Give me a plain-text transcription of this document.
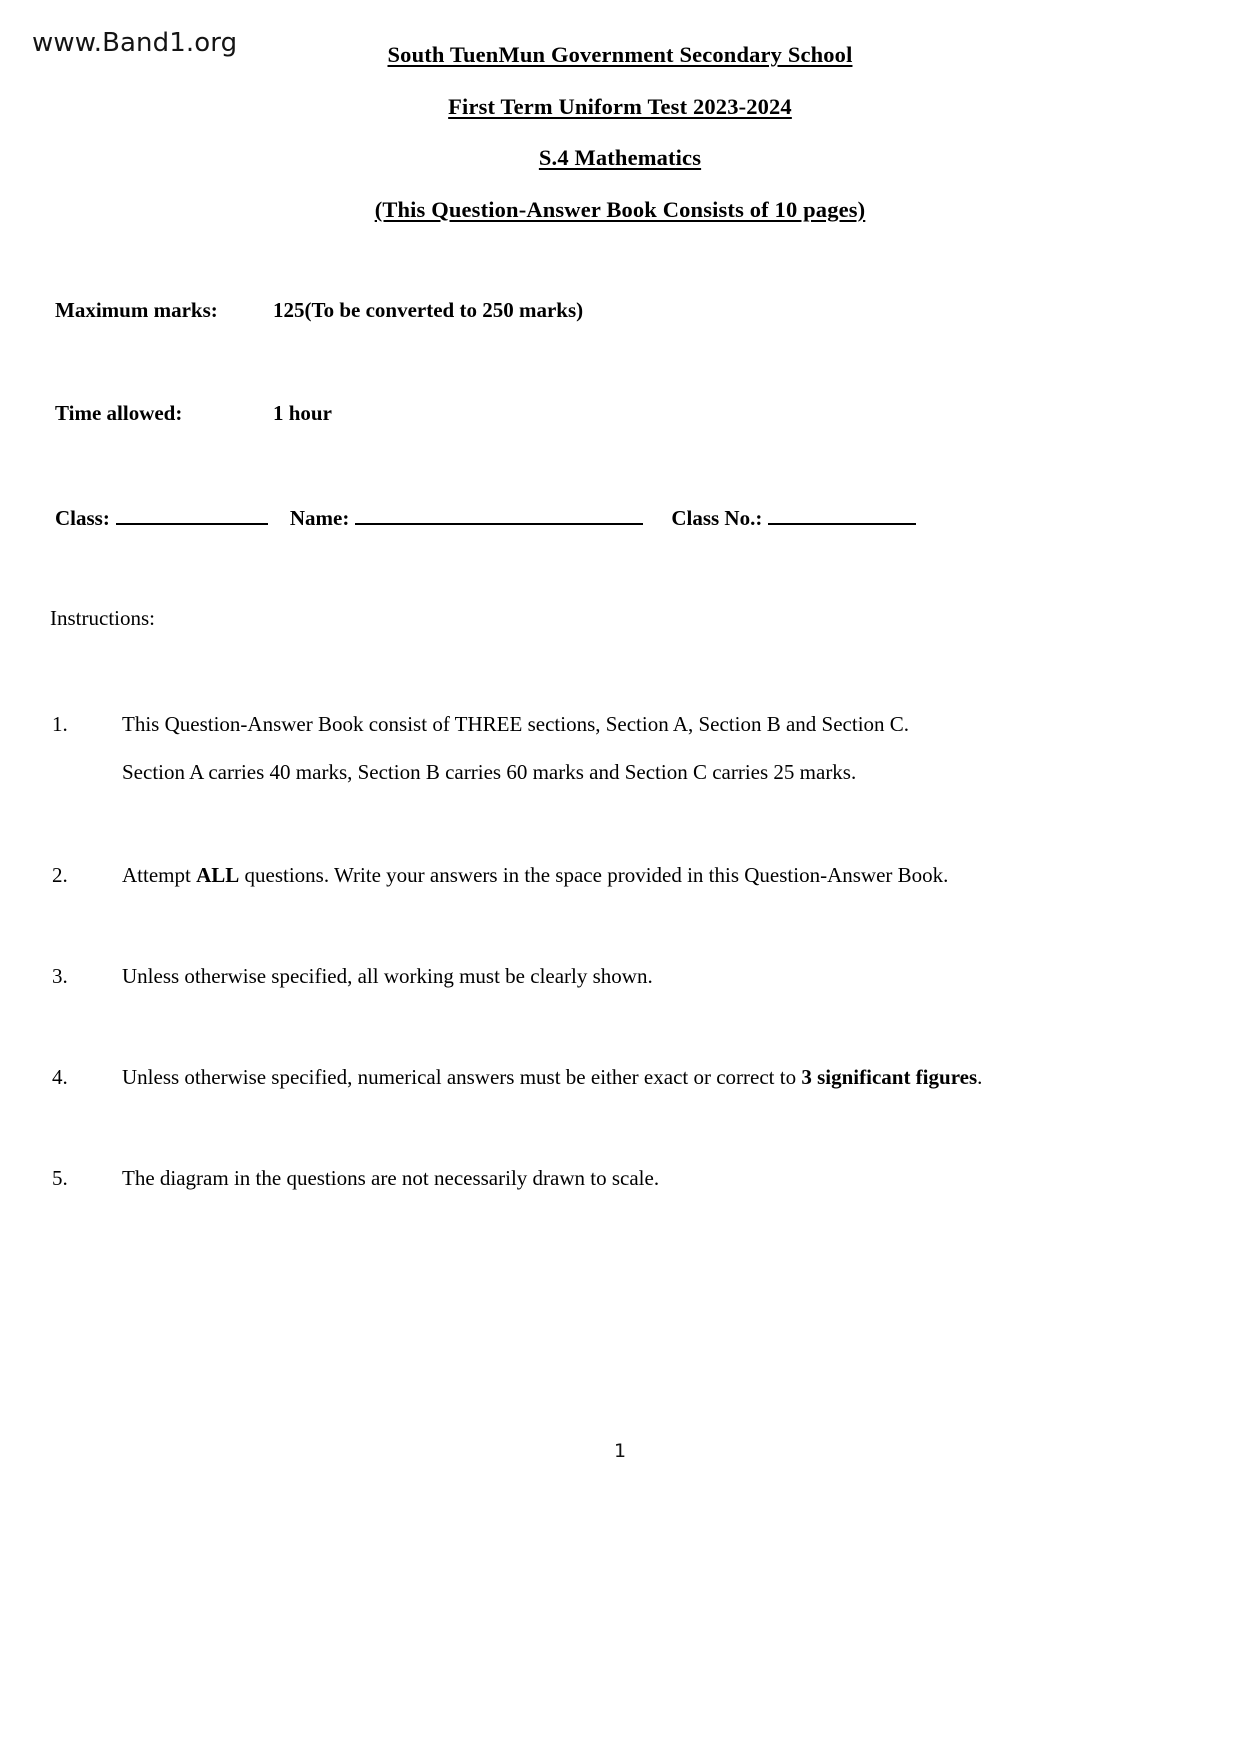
www.Band1.org	South TuenMun Government Secondary School
First Term Uniform Test 2023-2024
S.4 Mathematics
(This Question-Answer Book Consists of 10 pages)
Maximum marks:	125(To be converted to 250 marks)
Time allowed:	1 hour
Class:	Name:	Class No.:
Instructions:
1.	This Question-Answer Book consist of THREE sections, Section A, Section B and Section C.
Section A carries 40 marks, Section B carries 60 marks and Section C carries 25 marks.
2.	Attempt ALL questions. Write your answers in the space provided in this Question-Answer Book.
3.	Unless otherwise specified, all working must be clearly shown.
4.	Unless otherwise specified, numerical answers must be either exact or correct to 3 significant figures.
5.	The diagram in the questions are not necessarily drawn to scale.
1
